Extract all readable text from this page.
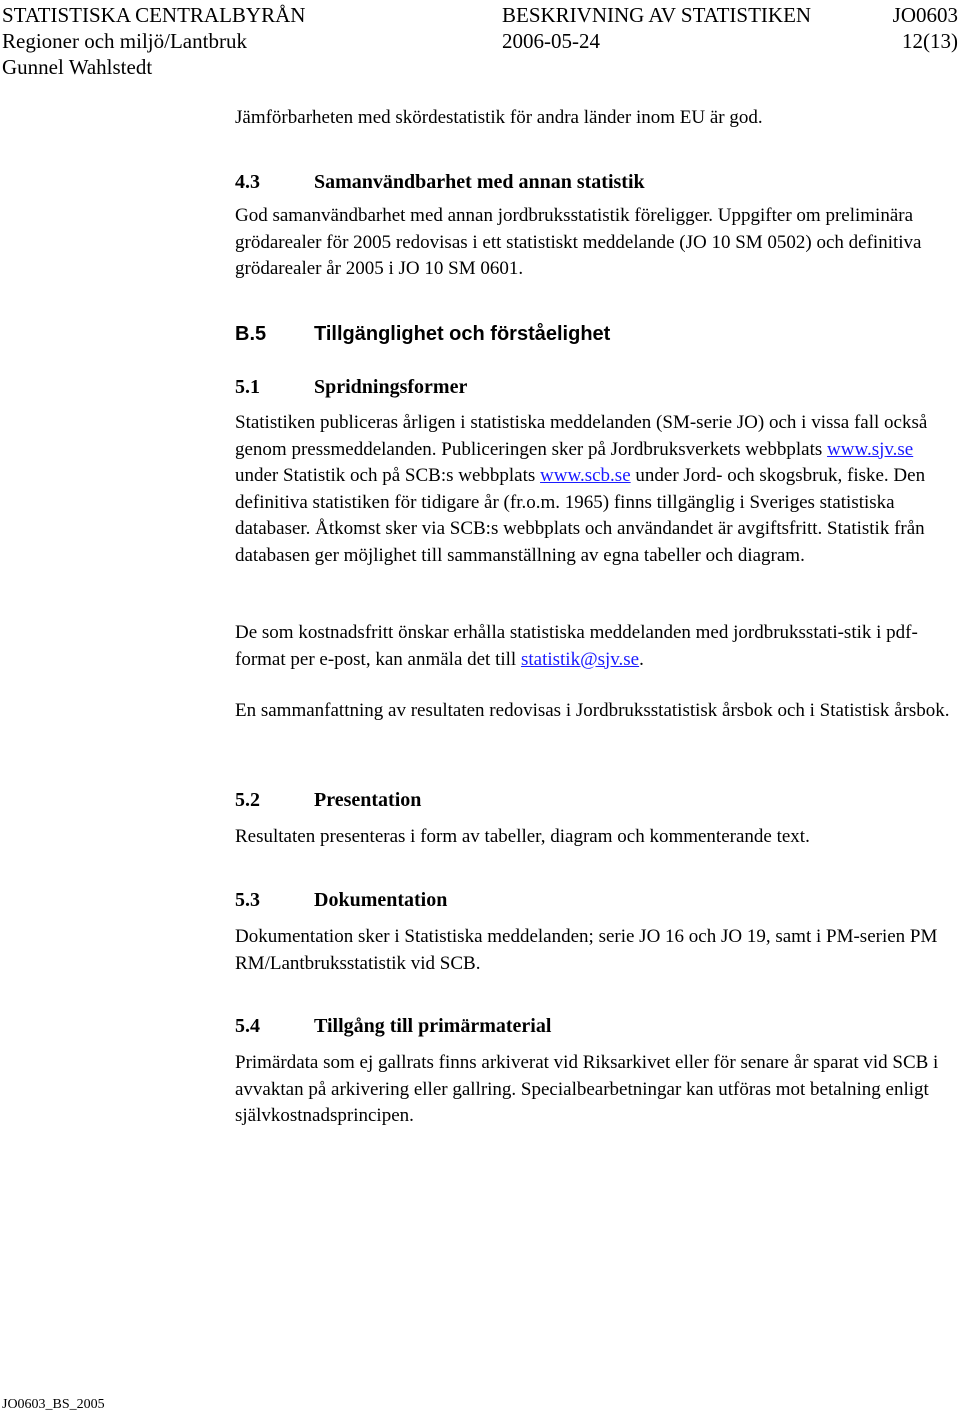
STATISTISKA CENTRALBYRÅN	BESKRIVNING AV STATISTIKEN	JO0603
Regioner och miljö/Lantbruk	2006-05-24	12(13)
Gunnel Wahlstedt

Jämförbarheten med skördestatistik för andra länder inom EU är god.

4.3	Samanvändbarhet med annan statistik

God samanvändbarhet med annan jordbruksstatistik föreligger. Uppgifter om preliminära grödarealer för 2005 redovisas i ett statistiskt meddelande (JO 10 SM 0502) och definitiva grödarealer år 2005 i JO 10 SM 0601.

B.5 Tillgänglighet och förståelighet
5.1	Spridningsformer

Statistiken publiceras årligen i statistiska meddelanden (SM-serie JO) och i vissa fall också genom pressmeddelanden. Publiceringen sker på Jordbruksverkets webbplats www.sjv.se under Statistik och på SCB:s webbplats www.scb.se under Jord- och skogsbruk, fiske. Den definitiva statistiken för tidigare år (fr.o.m. 1965) finns tillgänglig i Sveriges statistiska databaser. Åtkomst sker via SCB:s webbplats och användandet är avgiftsfritt. Statistik från databasen ger möjlighet till sammanställning av egna tabeller och diagram.

De som kostnadsfritt önskar erhålla statistiska meddelanden med jordbruksstati-stik i pdf-format per e-post, kan anmäla det till statistik@sjv.se.

En sammanfattning av resultaten redovisas i Jordbruksstatistisk årsbok och i Statistisk årsbok.

5.2	Presentation

Resultaten presenteras i form av tabeller, diagram och kommenterande text.

5.3	Dokumentation

Dokumentation sker i Statistiska meddelanden; serie JO 16 och JO 19, samt i PM-serien PM RM/Lantbruksstatistik vid SCB.

5.4	Tillgång till primärmaterial

Primärdata som ej gallrats finns arkiverat vid Riksarkivet eller för senare år sparat vid SCB i avvaktan på arkivering eller gallring. Specialbearbetningar kan utföras mot betalning enligt självkostnadsprincipen.

JO0603_BS_2005
